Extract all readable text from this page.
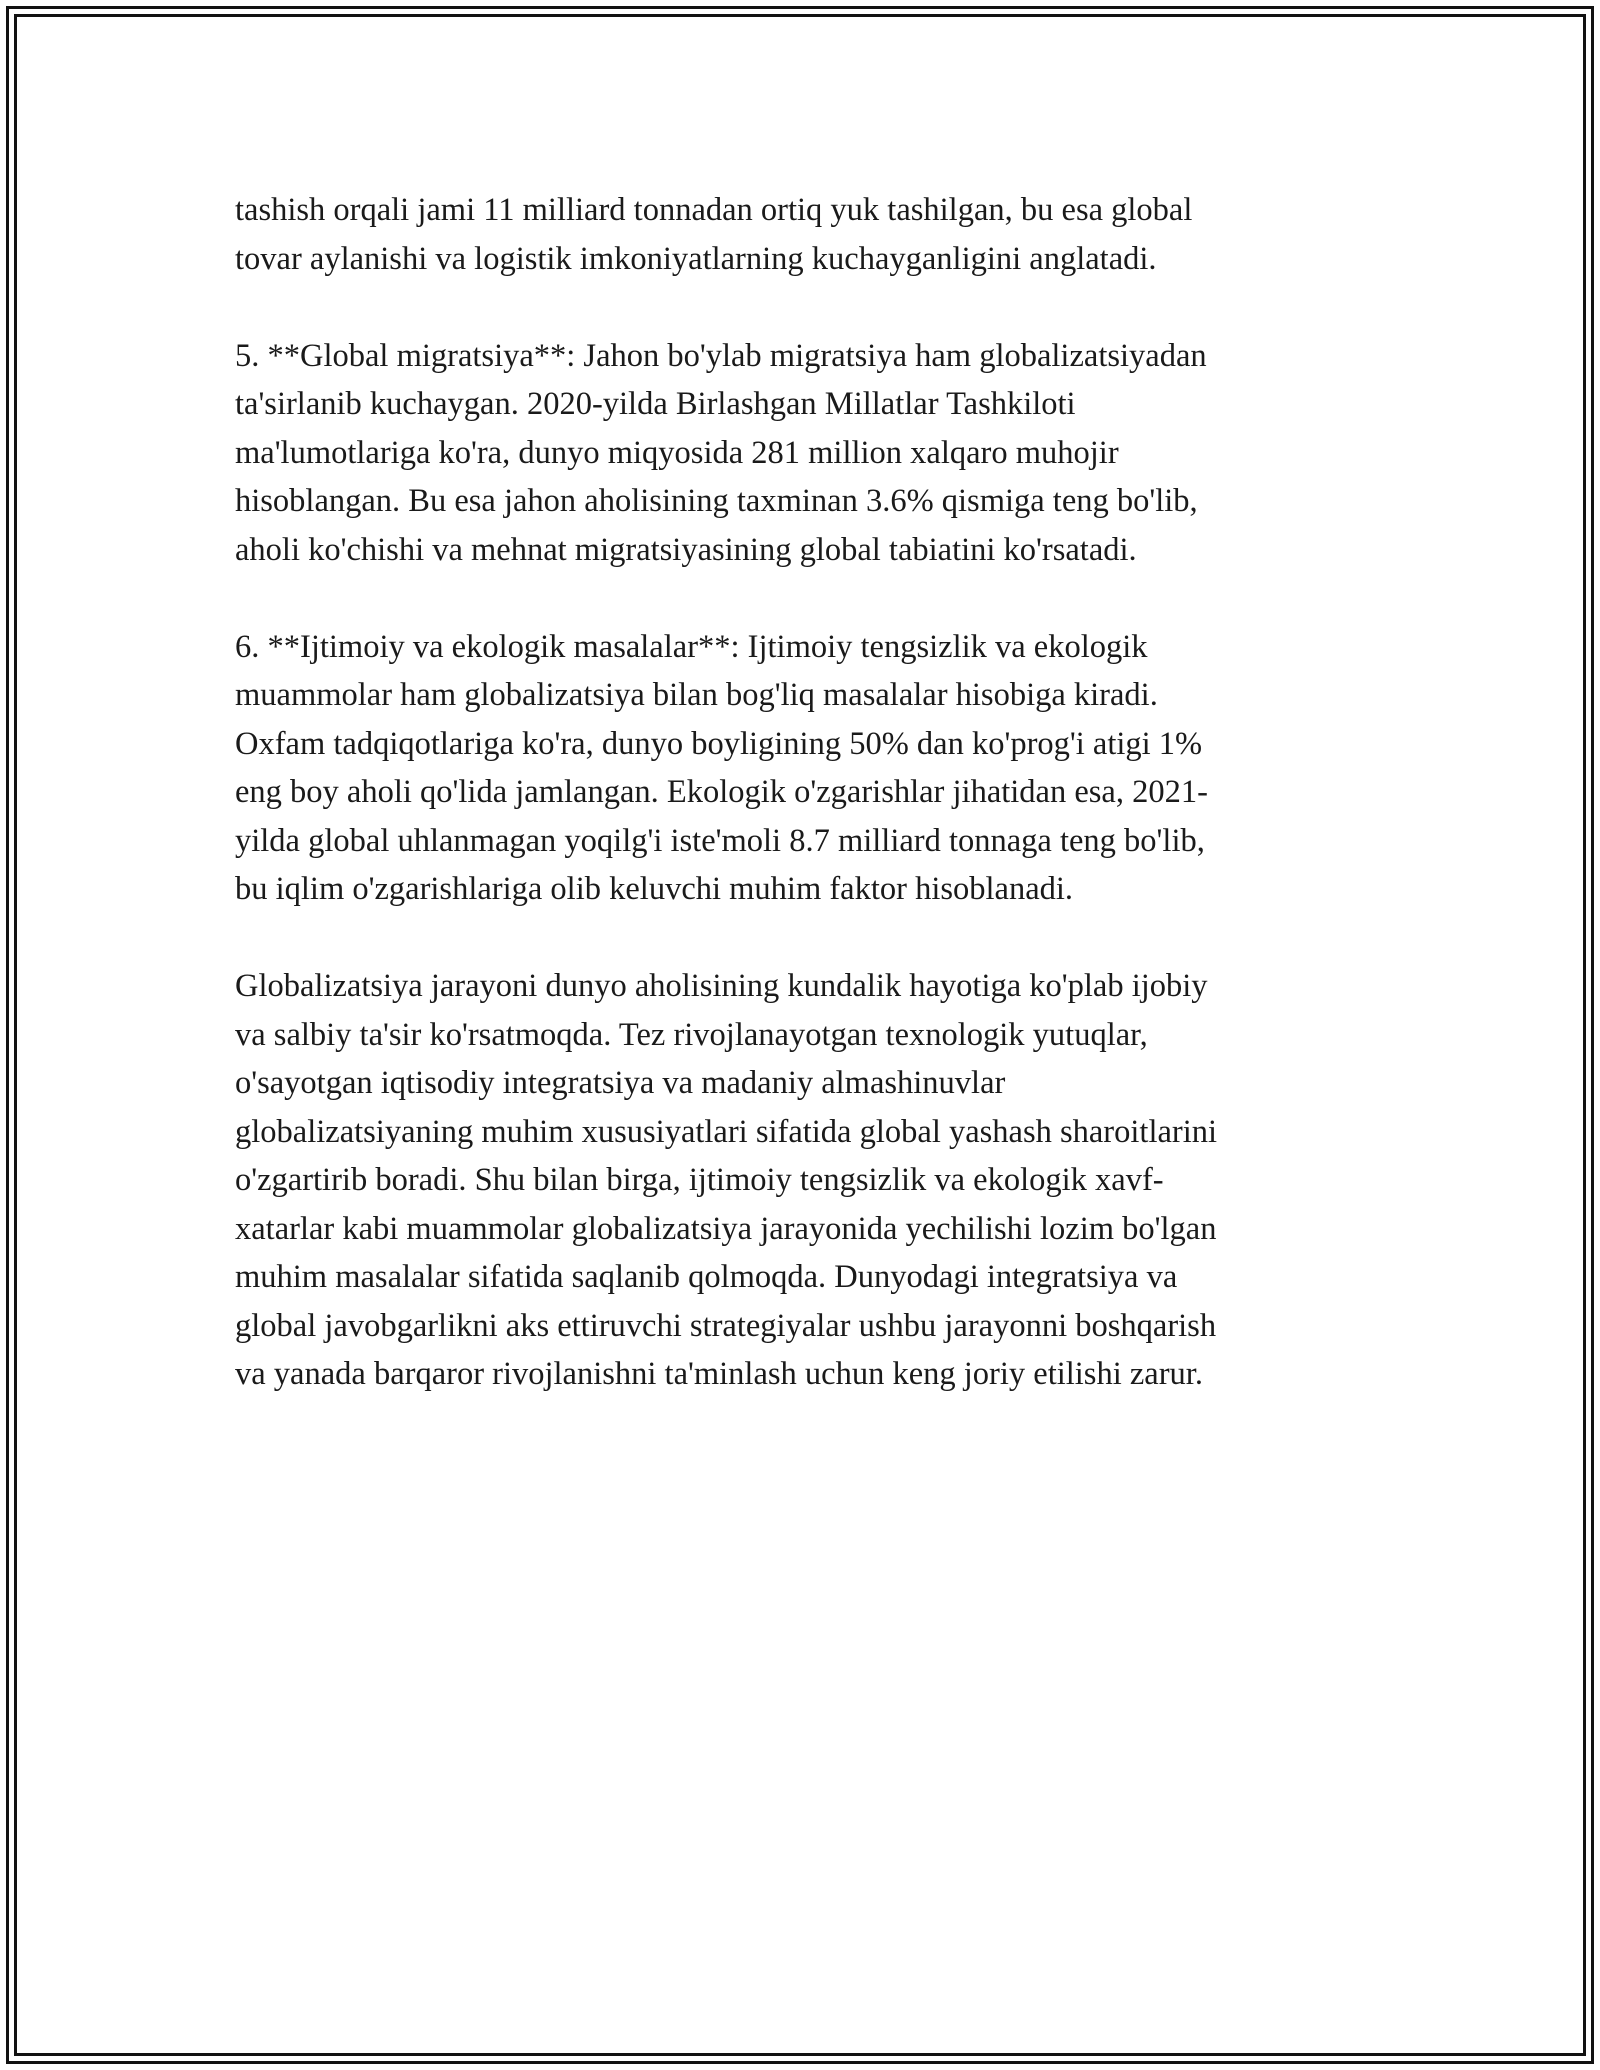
tashish orqali jami 11 milliard tonnadan ortiq yuk tashilgan, bu esa global
tovar aylanishi va logistik imkoniyatlarning kuchayganligini anglatadi.

5. **Global migratsiya**: Jahon bo'ylab migratsiya ham globalizatsiyadan
ta'sirlanib kuchaygan. 2020-yilda Birlashgan Millatlar Tashkiloti
ma'lumotlariga ko'ra, dunyo miqyosida 281 million xalqaro muhojir
hisoblangan. Bu esa jahon aholisining taxminan 3.6% qismiga teng bo'lib,
aholi ko'chishi va mehnat migratsiyasining global tabiatini ko'rsatadi.

6. **Ijtimoiy va ekologik masalalar**: Ijtimoiy tengsizlik va ekologik
muammolar ham globalizatsiya bilan bog'liq masalalar hisobiga kiradi.
Oxfam tadqiqotlariga ko'ra, dunyo boyligining 50% dan ko'prog'i atigi 1%
eng boy aholi qo'lida jamlangan. Ekologik o'zgarishlar jihatidan esa, 2021-
yilda global uhlanmagan yoqilg'i iste'moli 8.7 milliard tonnaga teng bo'lib,
bu iqlim o'zgarishlariga olib keluvchi muhim faktor hisoblanadi.

Globalizatsiya jarayoni dunyo aholisining kundalik hayotiga ko'plab ijobiy
va salbiy ta'sir ko'rsatmoqda. Tez rivojlanayotgan texnologik yutuqlar,
o'sayotgan iqtisodiy integratsiya va madaniy almashinuvlar
globalizatsiyaning muhim xususiyatlari sifatida global yashash sharoitlarini
o'zgartirib boradi. Shu bilan birga, ijtimoiy tengsizlik va ekologik xavf-
xatarlar kabi muammolar globalizatsiya jarayonida yechilishi lozim bo'lgan
muhim masalalar sifatida saqlanib qolmoqda. Dunyodagi integratsiya va
global javobgarlikni aks ettiruvchi strategiyalar ushbu jarayonni boshqarish
va yanada barqaror rivojlanishni ta'minlash uchun keng joriy etilishi zarur.
